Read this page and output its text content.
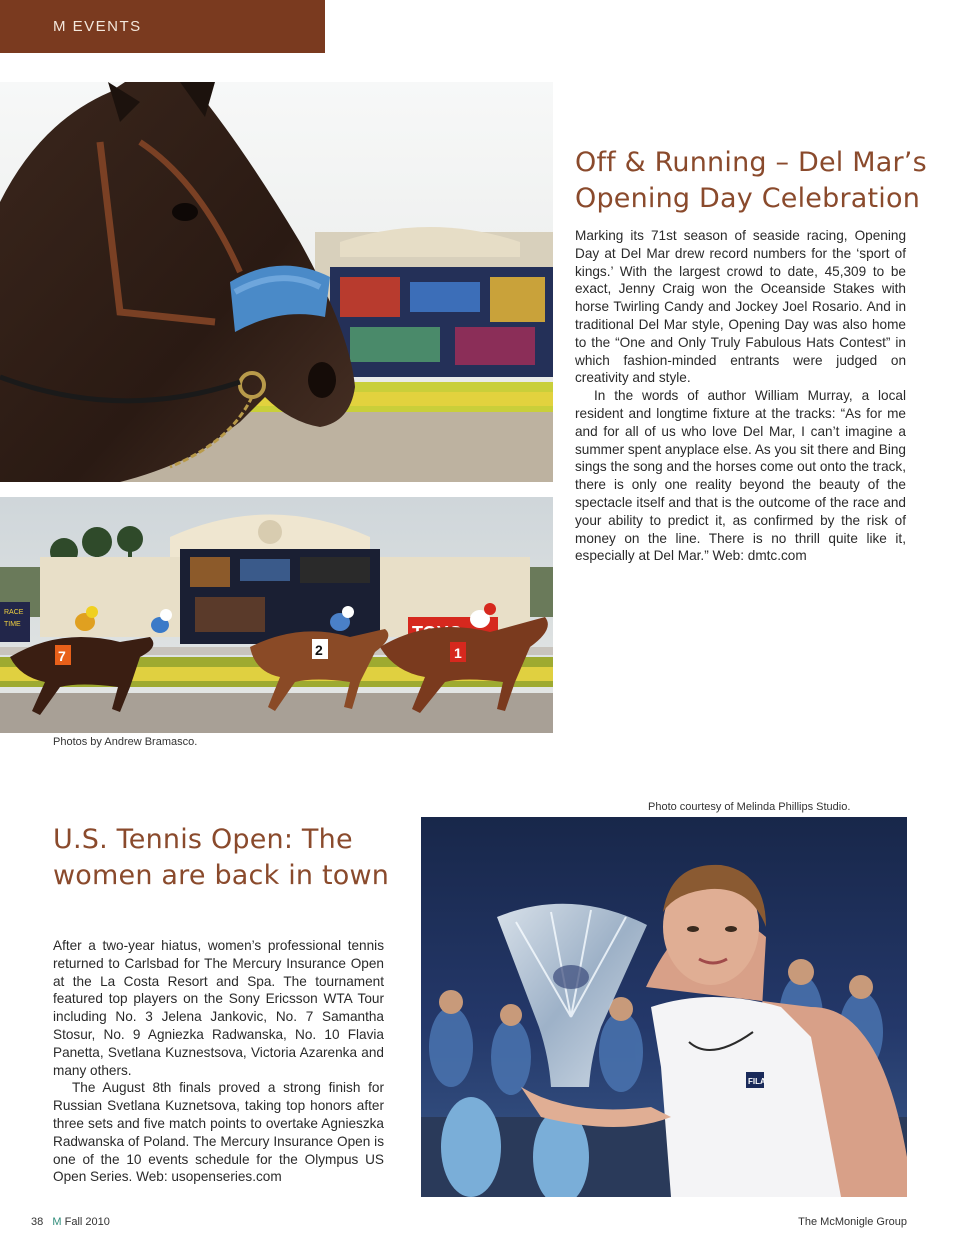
M EVENTS
RACE
TIME
7	2	1
Off & Running – Del Mar’s
Opening Day Celebration

Marking its 71st season of seaside racing, Opening Day at Del Mar drew record numbers for the ‘sport of kings.’ With the largest crowd to date, 45,309 to be exact, Jenny Craig won the Oceanside Stakes with horse Twirling Candy and Jockey Joel Rosario. And in traditional Del Mar style, Opening Day was also home to the “One and Only Truly Fabulous Hats Contest” in which fashion-minded entrants were judged on creativity and style.

In the words of author William Murray, a local resident and longtime fixture at the tracks: “As for me and for all of us who love Del Mar, I can’t imagine a summer spent anyplace else. As you sit there and Bing sings the song and the horses come out onto the track, there is only one reality beyond the beauty of the spectacle itself and that is the outcome of the race and your ability to predict it, as confirmed by the risk of money on the line. There is no thrill quite like it, especially at Del Mar.” Web: dmtc.com

Photos by Andrew Bramasco.
Photo courtesy of Melinda Phillips Studio.
FILA
U.S. Tennis Open: The
women are back in town

After a two-year hiatus, women’s professional tennis returned to Carlsbad for The Mercury Insurance Open at the La Costa Resort and Spa. The tournament featured top players on the Sony Ericsson WTA Tour including No. 3 Jelena Jankovic, No. 7 Samantha Stosur, No. 9 Agniezka Radwanska, No. 10 Flavia Panetta, Svetlana Kuznestsova, Victoria Azarenka and many others.

The August 8th finals proved a strong finish for Russian Svetlana Kuznetsova, taking top honors after three sets and five match points to overtake Agnieszka Radwanska of Poland. The Mercury Insurance Open is one of the 10 events schedule for the Olympus US Open Series. Web: usopenseries.com

38 M Fall 2010	The McMonigle Group
